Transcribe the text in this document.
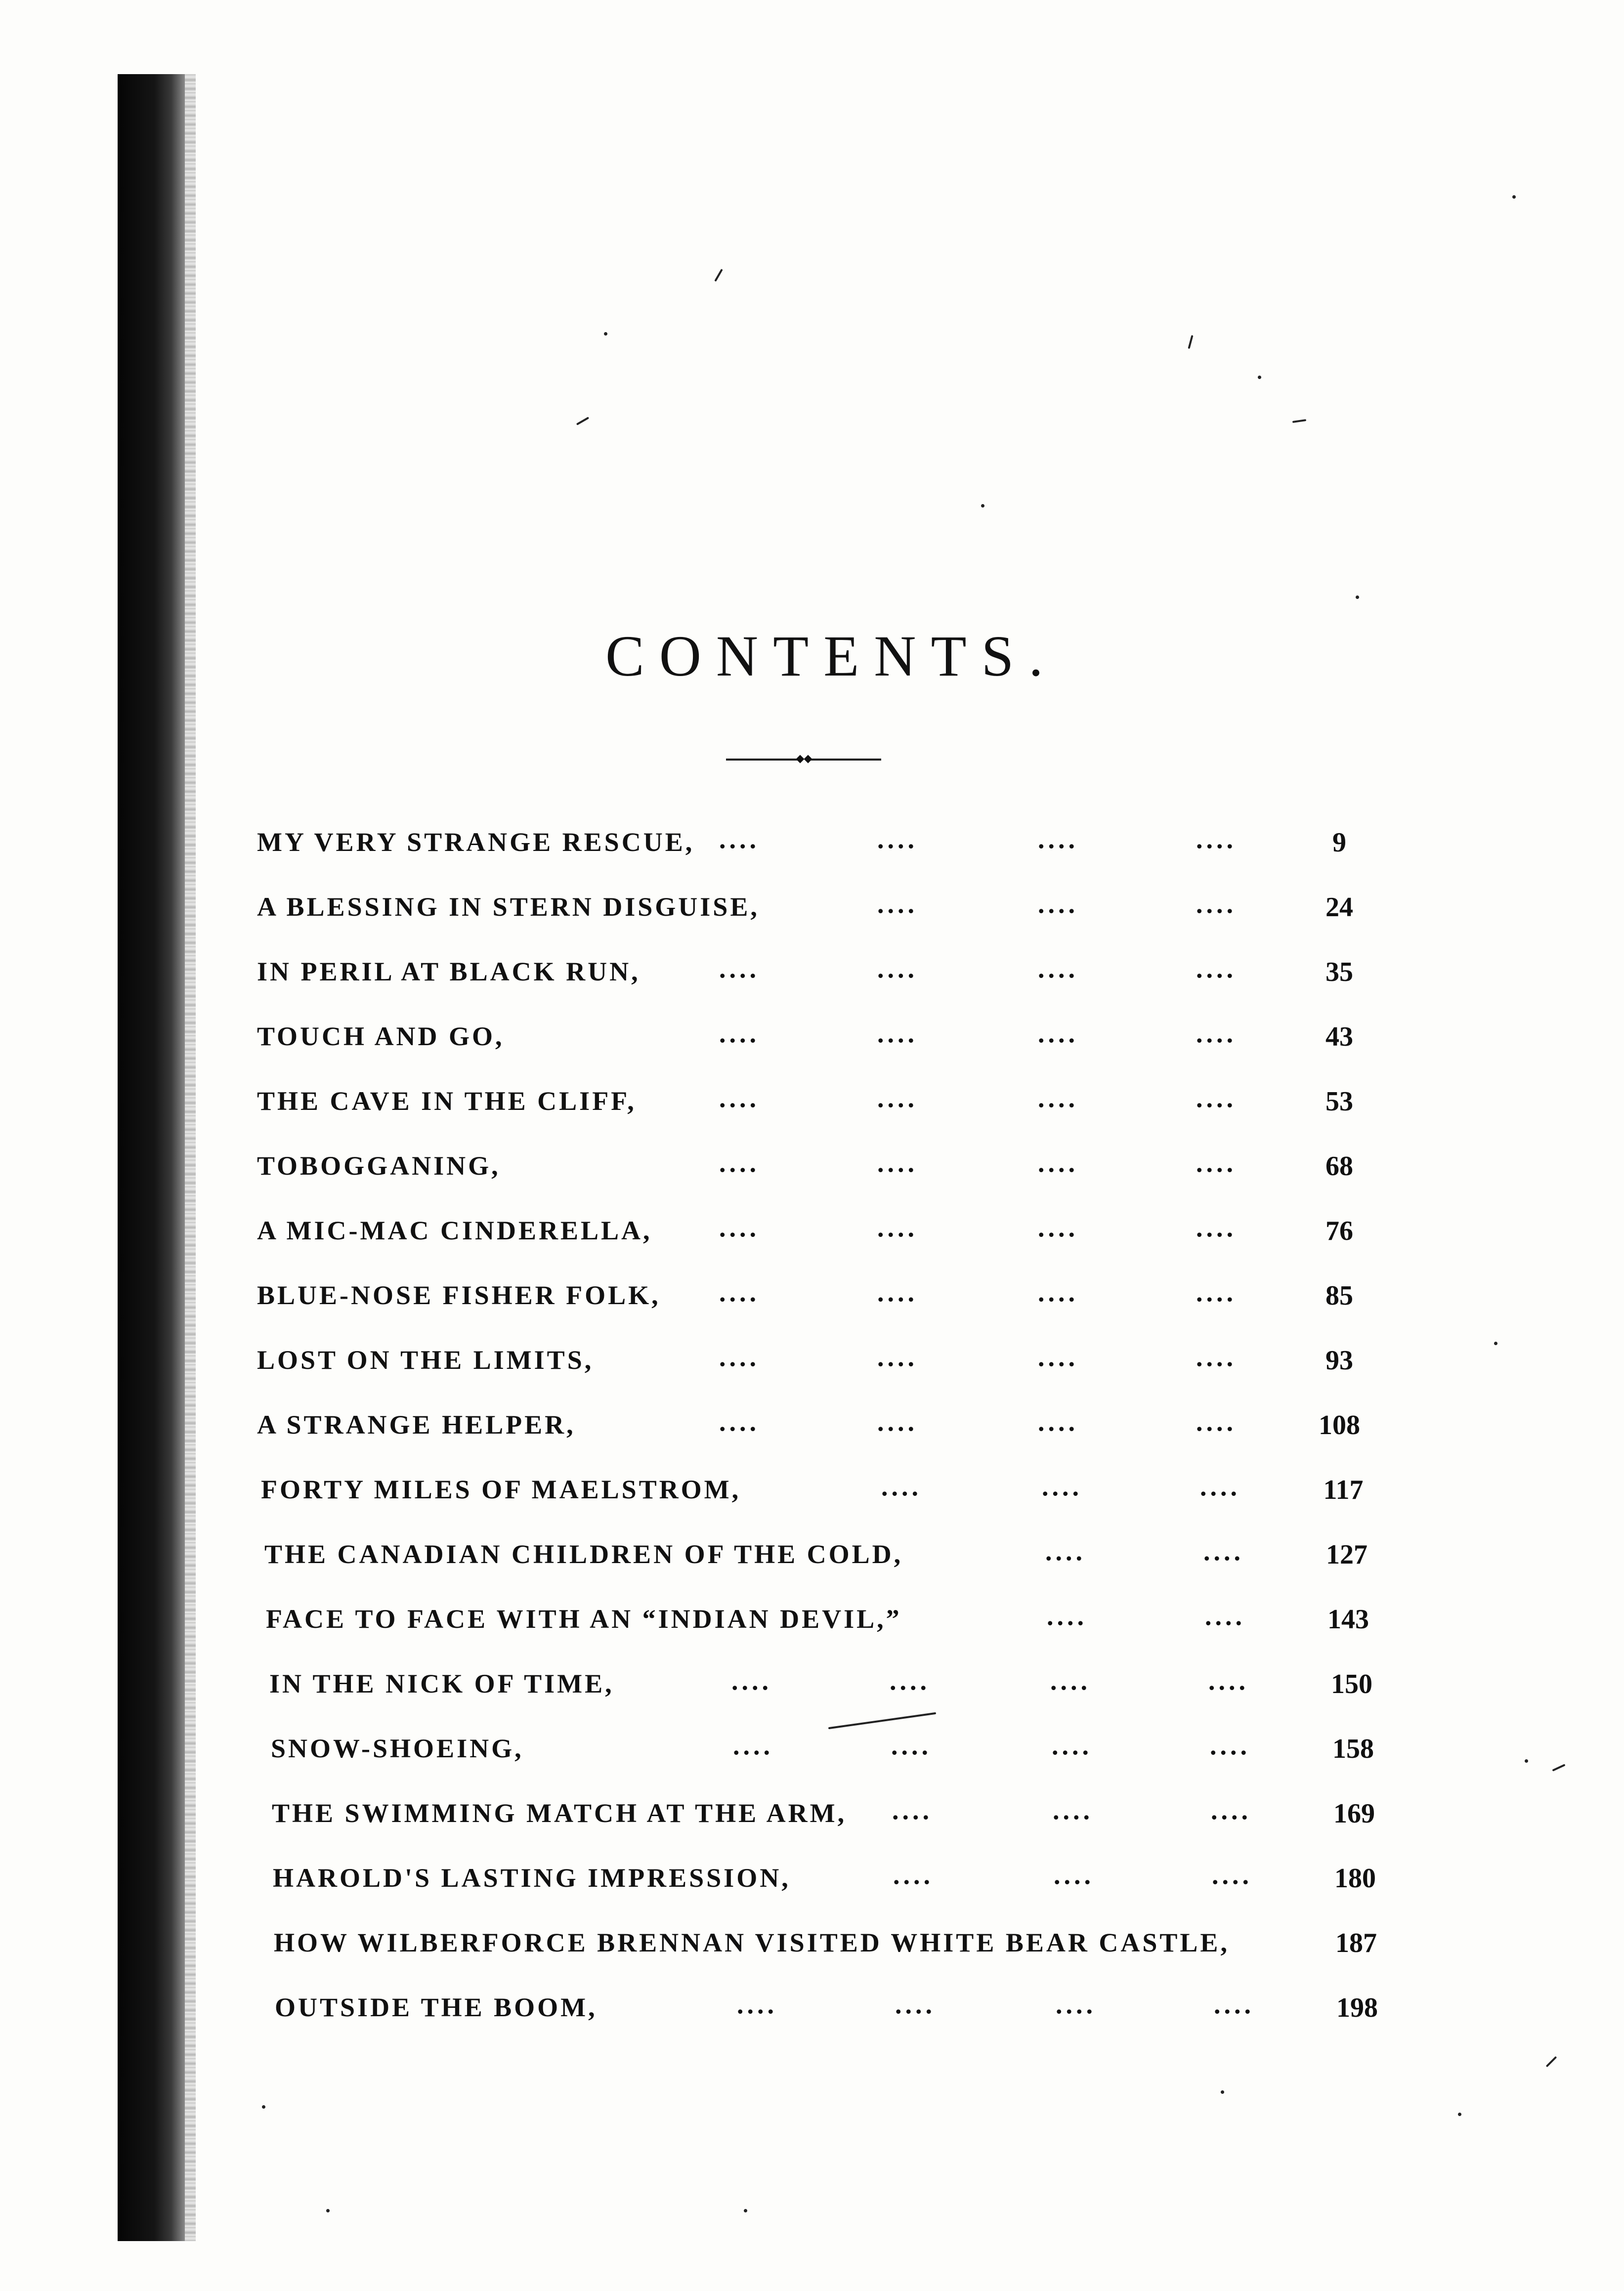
CONTENTS.
MY VERY STRANGE RESCUE, ....	....	....	....	9
A BLESSING IN STERN DISGUISE,	....	....	....	24
IN PERIL AT BLACK RUN,	....	....	....	....	35
TOUCH AND GO,	....	....	....	....	43
THE CAVE IN THE CLIFF,	....	....	....	....	53
TOBOGGANING,	....	....	....	....	68
A MIC-MAC CINDERELLA,	....	....	....	....	76
BLUE-NOSE FISHER FOLK, ....	....	....	....	85
LOST ON THE LIMITS,	....	....	....	....	93
A STRANGE HELPER,	....	....	....	....	108
FORTY MILES OF MAELSTROM,	....	....	....	117
THE CANADIAN CHILDREN OF THE COLD,	....	....	127
FACE TO FACE WITH AN “INDIAN DEVIL,”	....	....	143
IN THE NICK OF TIME,	....	....	....	....	150
SNOW-SHOEING,	....	....	....	....	158
THE SWIMMING MATCH AT THE ARM, ....	....	....	169
HAROLD'S LASTING IMPRESSION,	....	....	....	180
HOW WILBERFORCE BRENNAN VISITED WHITE BEAR CASTLE,	187
OUTSIDE THE BOOM,	....	....	....	....	198
